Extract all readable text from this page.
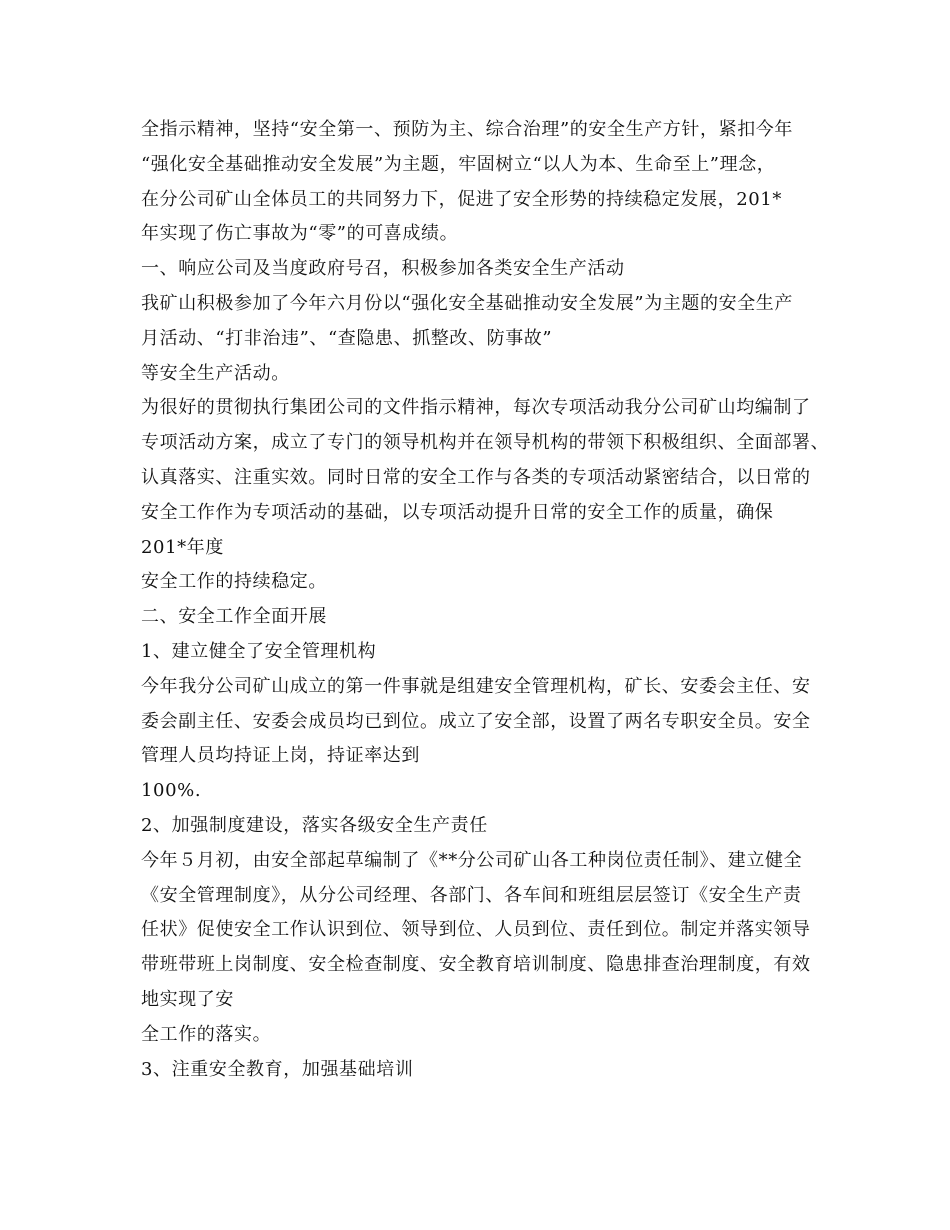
全指示精神，坚持“安全第一、预防为主、综合治理”的安全生产方针，紧扣今年
“强化安全基础推动安全发展”为主题，牢固树立“以人为本、生命至上”理念，
在分公司矿山全体员工的共同努力下，促进了安全形势的持续稳定发展，201*
年实现了伤亡事故为“零”的可喜成绩。
一、响应公司及当度政府号召，积极参加各类安全生产活动
我矿山积极参加了今年六月份以“强化安全基础推动安全发展”为主题的安全生产
月活动、“打非治违”、“查隐患、抓整改、防事故”
等安全生产活动。
为很好的贯彻执行集团公司的文件指示精神，每次专项活动我分公司矿山均编制了
专项活动方案，成立了专门的领导机构并在领导机构的带领下积极组织、全面部署、
认真落实、注重实效。同时日常的安全工作与各类的专项活动紧密结合，以日常的
安全工作作为专项活动的基础，以专项活动提升日常的安全工作的质量，确保
201*年度
安全工作的持续稳定。
二、安全工作全面开展
1、建立健全了安全管理机构
今年我分公司矿山成立的第一件事就是组建安全管理机构，矿长、安委会主任、安
委会副主任、安委会成员均已到位。成立了安全部，设置了两名专职安全员。安全
管理人员均持证上岗，持证率达到
100%.
2、加强制度建设，落实各级安全生产责任
今年５月初，由安全部起草编制了《**分公司矿山各工种岗位责任制》、建立健全
《安全管理制度》，从分公司经理、各部门、各车间和班组层层签订《安全生产责
任状》促使安全工作认识到位、领导到位、人员到位、责任到位。制定并落实领导
带班带班上岗制度、安全检查制度、安全教育培训制度、隐患排查治理制度，有效
地实现了安
全工作的落实。
3、注重安全教育，加强基础培训
